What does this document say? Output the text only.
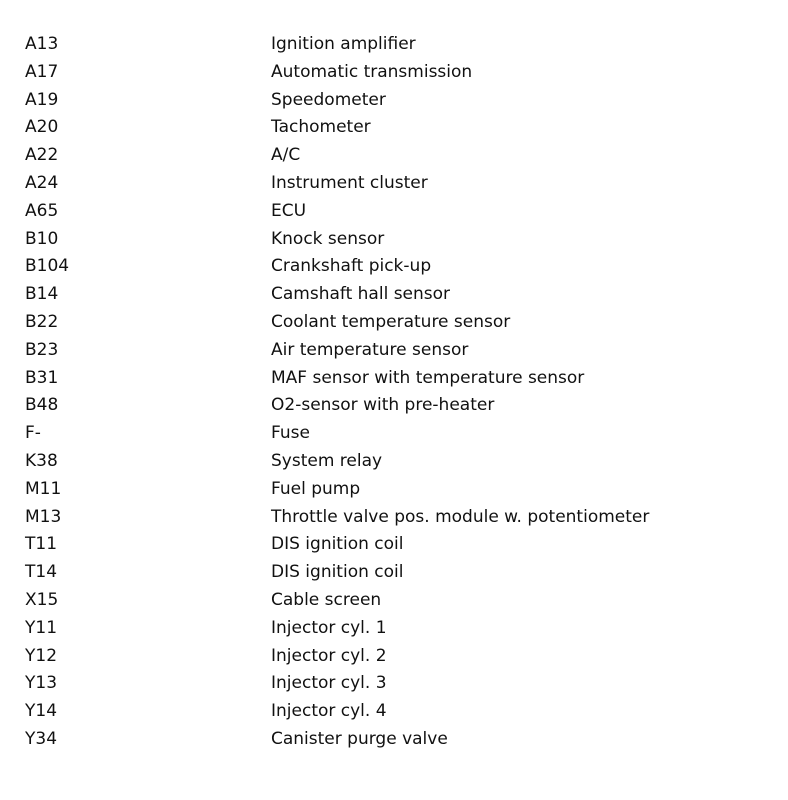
A13	Ignition amplifier
A17	Automatic transmission
A19	Speedometer
A20	Tachometer
A22	A/C
A24	Instrument cluster
A65	ECU
B10	Knock sensor
B104	Crankshaft pick-up
B14	Camshaft hall sensor
B22	Coolant temperature sensor
B23	Air temperature sensor
B31	MAF sensor with temperature sensor
B48	O2-sensor with pre-heater
F-	Fuse
K38	System relay
M11	Fuel pump
M13	Throttle valve pos. module w. potentiometer
T11	DIS ignition coil
T14	DIS ignition coil
X15	Cable screen
Y11	Injector cyl. 1
Y12	Injector cyl. 2
Y13	Injector cyl. 3
Y14	Injector cyl. 4
Y34	Canister purge valve
